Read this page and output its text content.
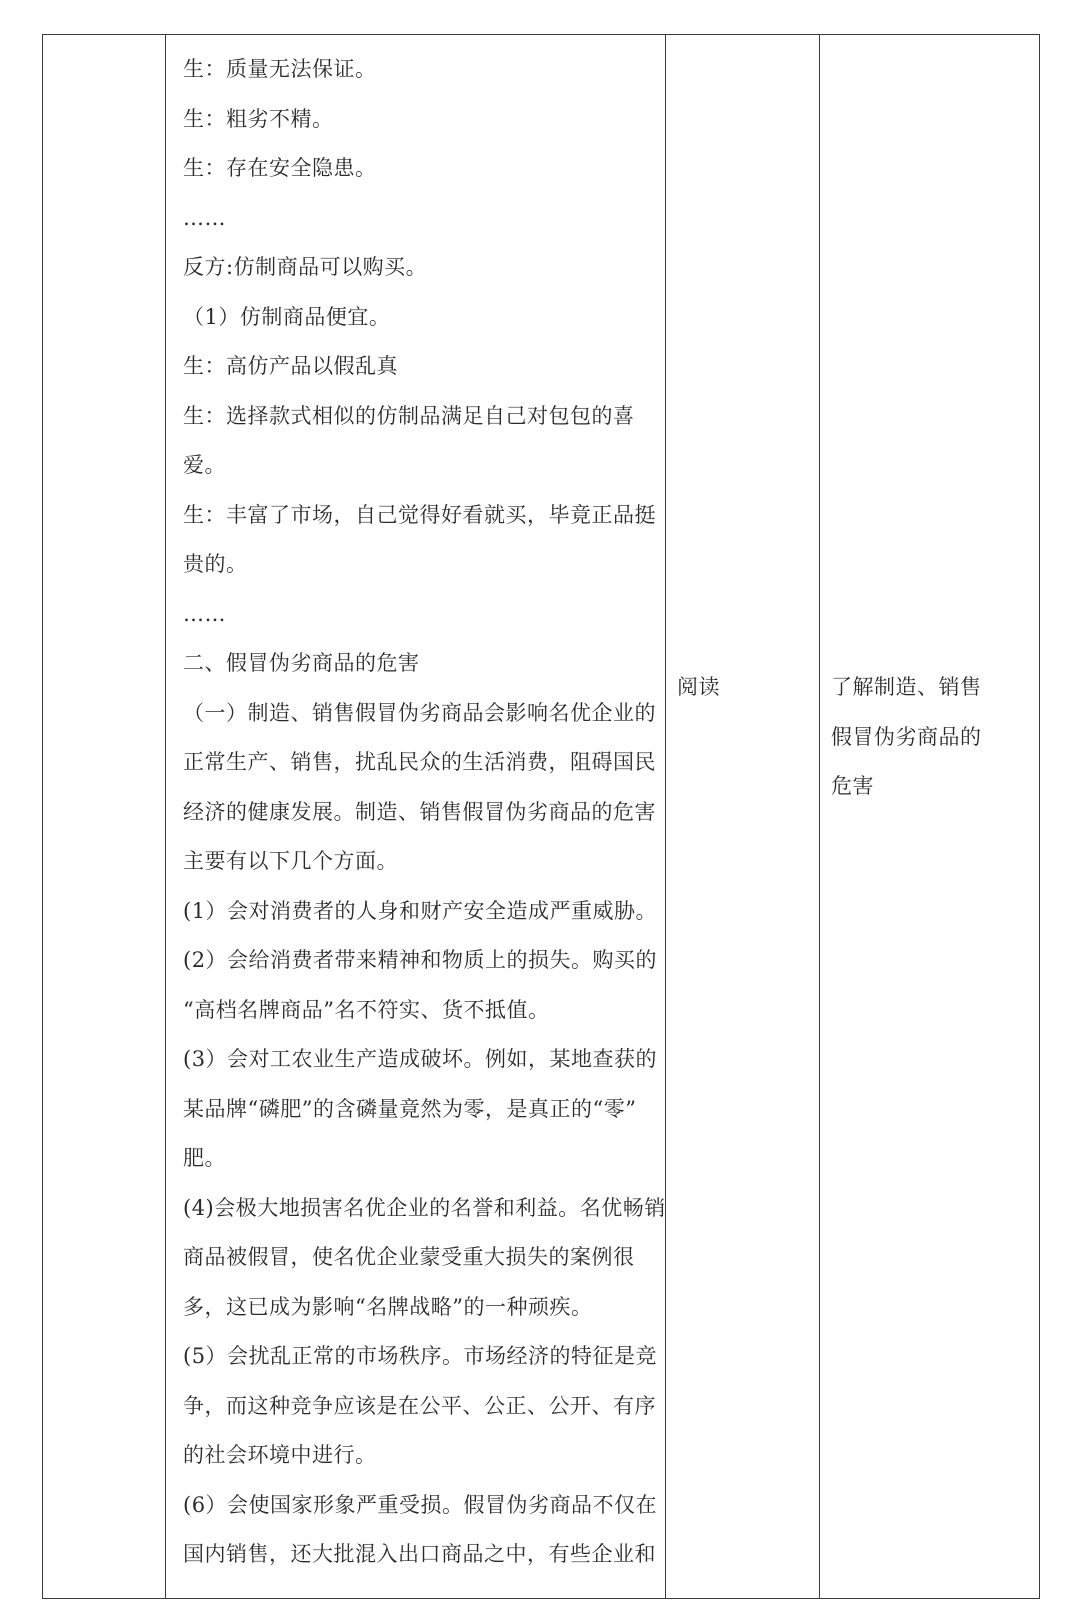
生：质量无法保证。
生：粗劣不精。
生：存在安全隐患。
……
反方:仿制商品可以购买。
（1）仿制商品便宜。
生：高仿产品以假乱真
生：选择款式相似的仿制品满足自己对包包的喜
爱。
生：丰富了市场，自己觉得好看就买，毕竟正品挺
贵的。
……
二、假冒伪劣商品的危害
（一）制造、销售假冒伪劣商品会影响名优企业的
正常生产、销售，扰乱民众的生活消费，阻碍国民
经济的健康发展。制造、销售假冒伪劣商品的危害
主要有以下几个方面。
(1）会对消费者的人身和财产安全造成严重威胁。
(2）会给消费者带来精神和物质上的损失。购买的
“高档名牌商品”名不符实、货不抵值。
(3）会对工农业生产造成破坏。例如，某地查获的
某品牌“磷肥”的含磷量竟然为零，是真正的“零”
肥。
(4)会极大地损害名优企业的名誉和利益。名优畅销
商品被假冒，使名优企业蒙受重大损失的案例很
多，这已成为影响“名牌战略”的一种顽疾。
(5）会扰乱正常的市场秩序。市场经济的特征是竞
争，而这种竞争应该是在公平、公正、公开、有序
的社会环境中进行。
(6）会使国家形象严重受损。假冒伪劣商品不仅在
国内销售，还大批混入出口商品之中，有些企业和
阅读	了解制造、销售
假冒伪劣商品的
危害
